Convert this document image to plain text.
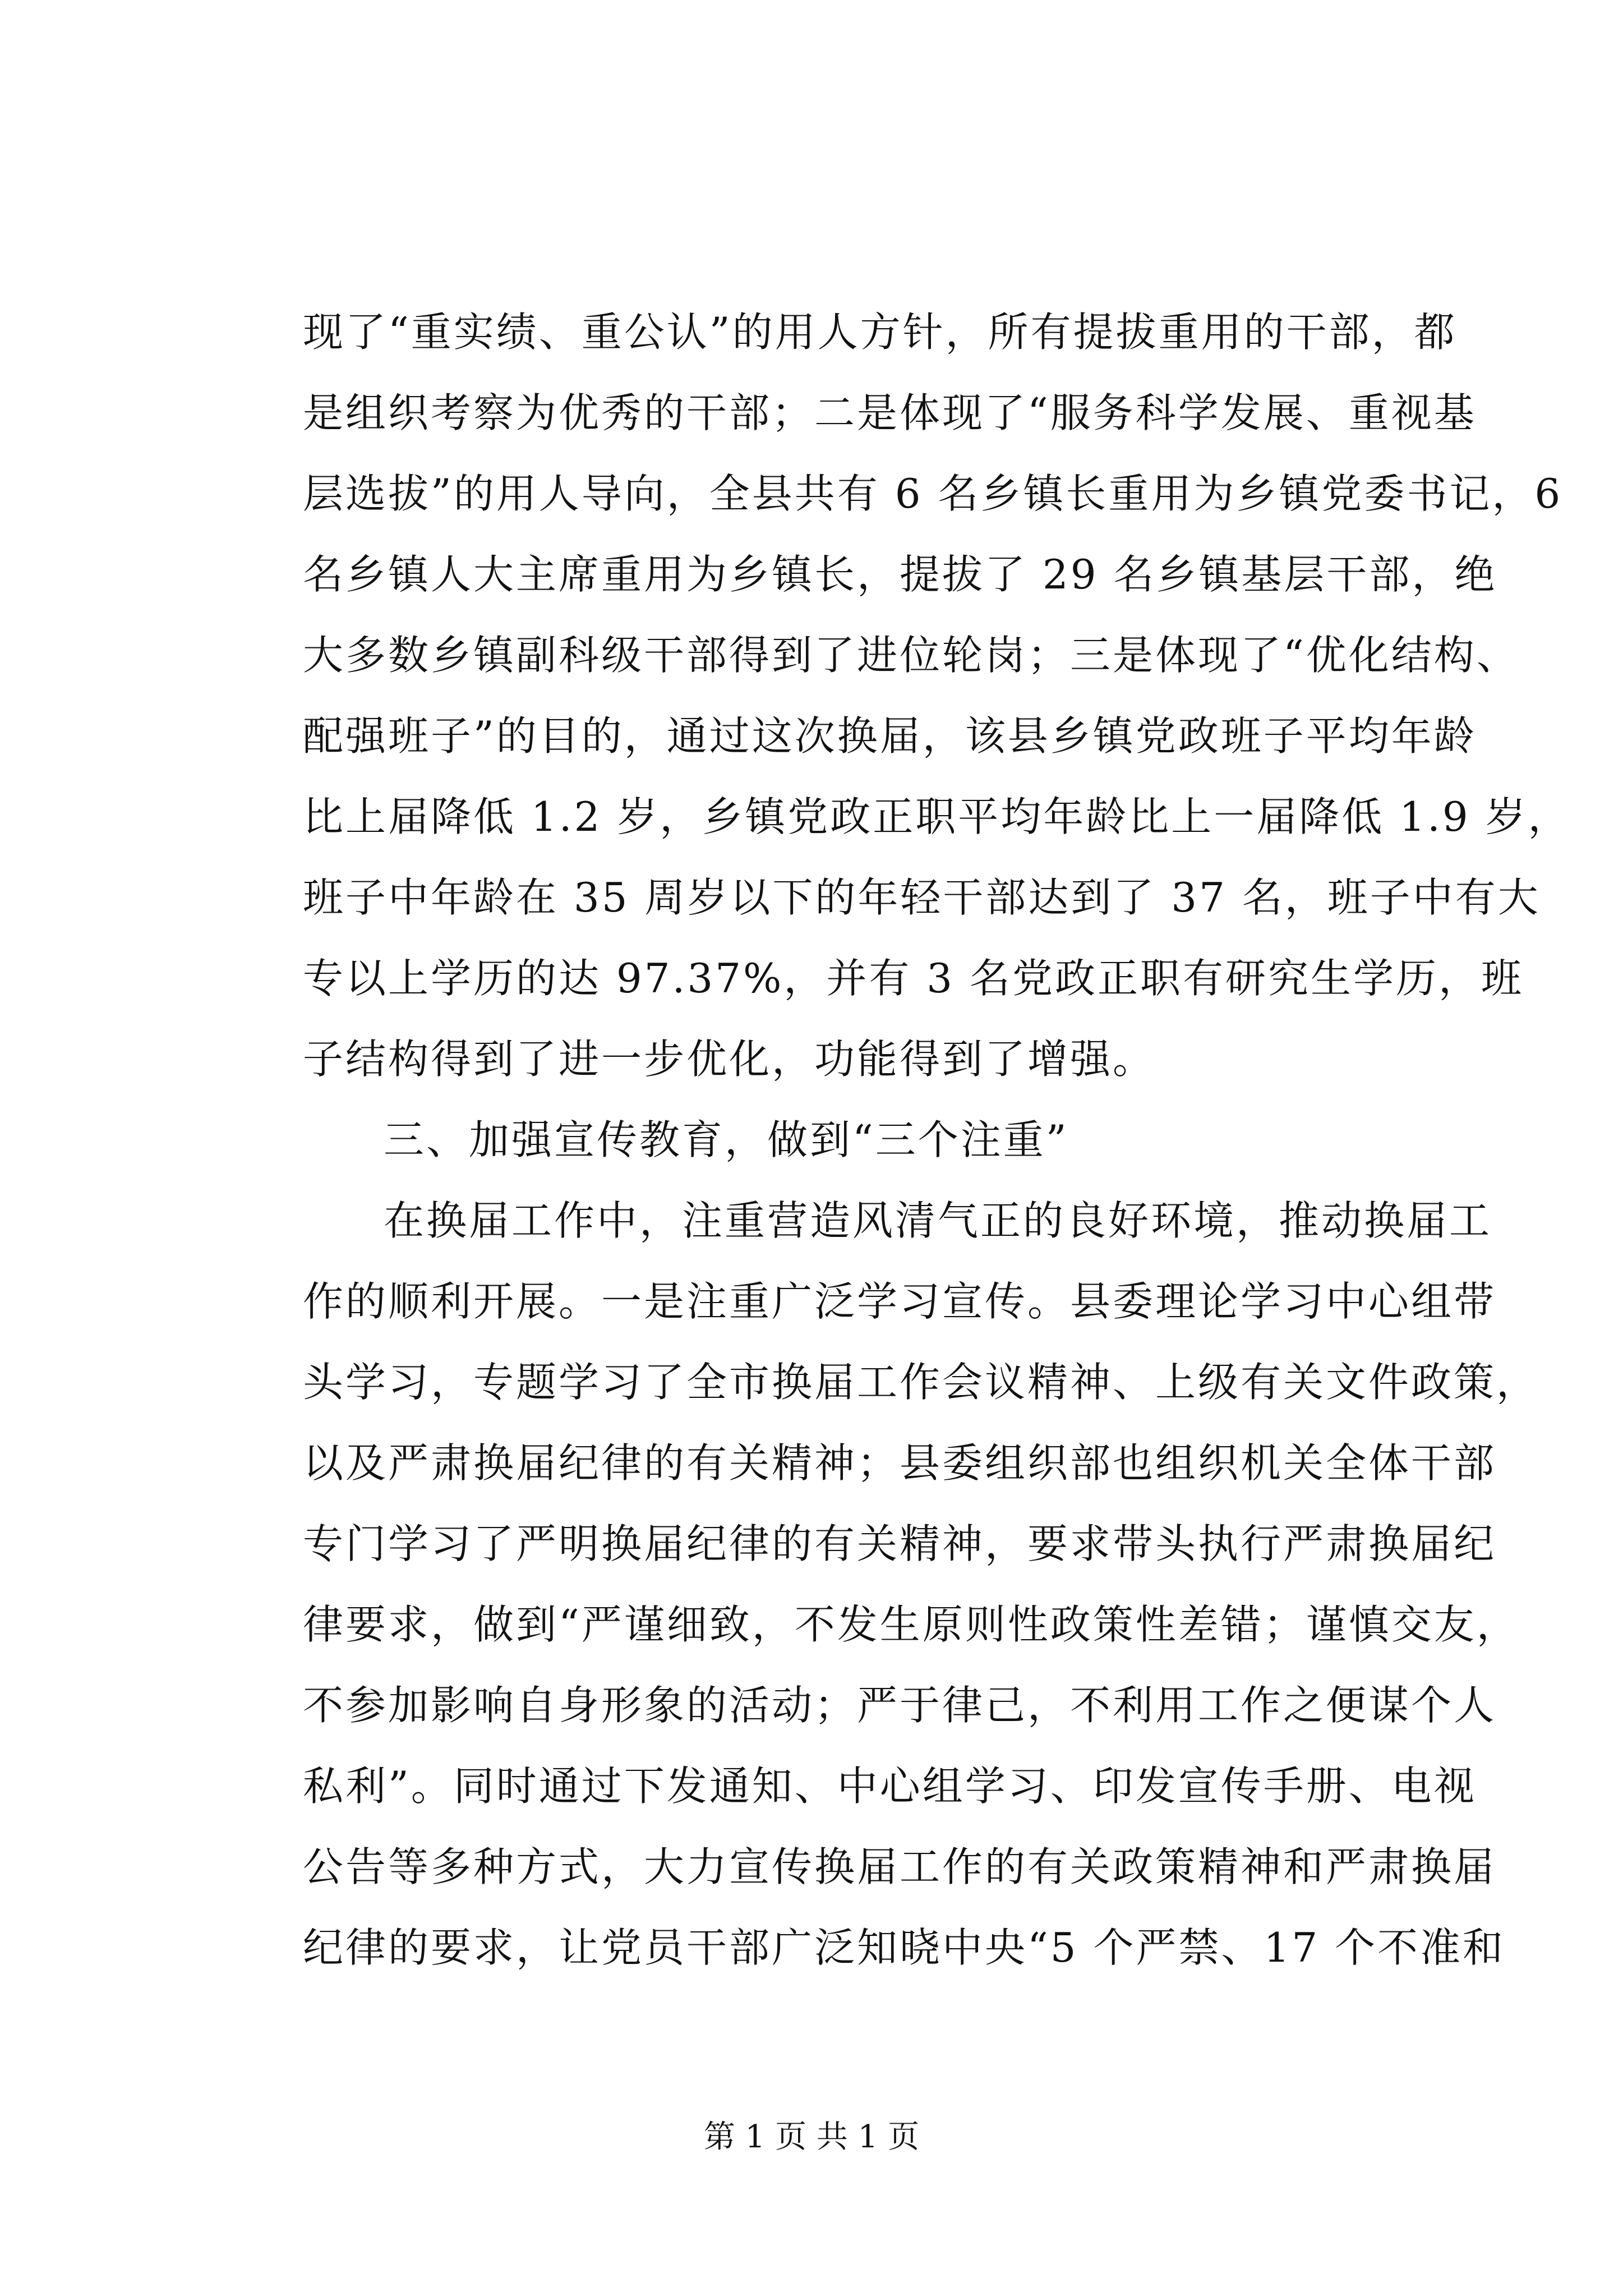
现了“重实绩、重公认”的用人方针，所有提拔重用的干部，都
是组织考察为优秀的干部；二是体现了“服务科学发展、重视基
层选拔”的用人导向，全县共有 6 名乡镇长重用为乡镇党委书记，6
名乡镇人大主席重用为乡镇长，提拔了 29 名乡镇基层干部，绝
大多数乡镇副科级干部得到了进位轮岗；三是体现了“优化结构、
配强班子”的目的，通过这次换届，该县乡镇党政班子平均年龄
比上届降低 1.2 岁，乡镇党政正职平均年龄比上一届降低 1.9 岁，
班子中年龄在 35 周岁以下的年轻干部达到了 37 名，班子中有大
专以上学历的达 97.37%，并有 3 名党政正职有研究生学历，班
子结构得到了进一步优化，功能得到了增强。
三、加强宣传教育，做到“三个注重”
在换届工作中，注重营造风清气正的良好环境，推动换届工
作的顺利开展。一是注重广泛学习宣传。县委理论学习中心组带
头学习，专题学习了全市换届工作会议精神、上级有关文件政策，
以及严肃换届纪律的有关精神；县委组织部也组织机关全体干部
专门学习了严明换届纪律的有关精神，要求带头执行严肃换届纪
律要求，做到“严谨细致，不发生原则性政策性差错；谨慎交友，
不参加影响自身形象的活动；严于律己，不利用工作之便谋个人
私利”。同时通过下发通知、中心组学习、印发宣传手册、电视
公告等多种方式，大力宣传换届工作的有关政策精神和严肃换届
纪律的要求，让党员干部广泛知晓中央“5 个严禁、17 个不准和
第 1 页 共 1 页
